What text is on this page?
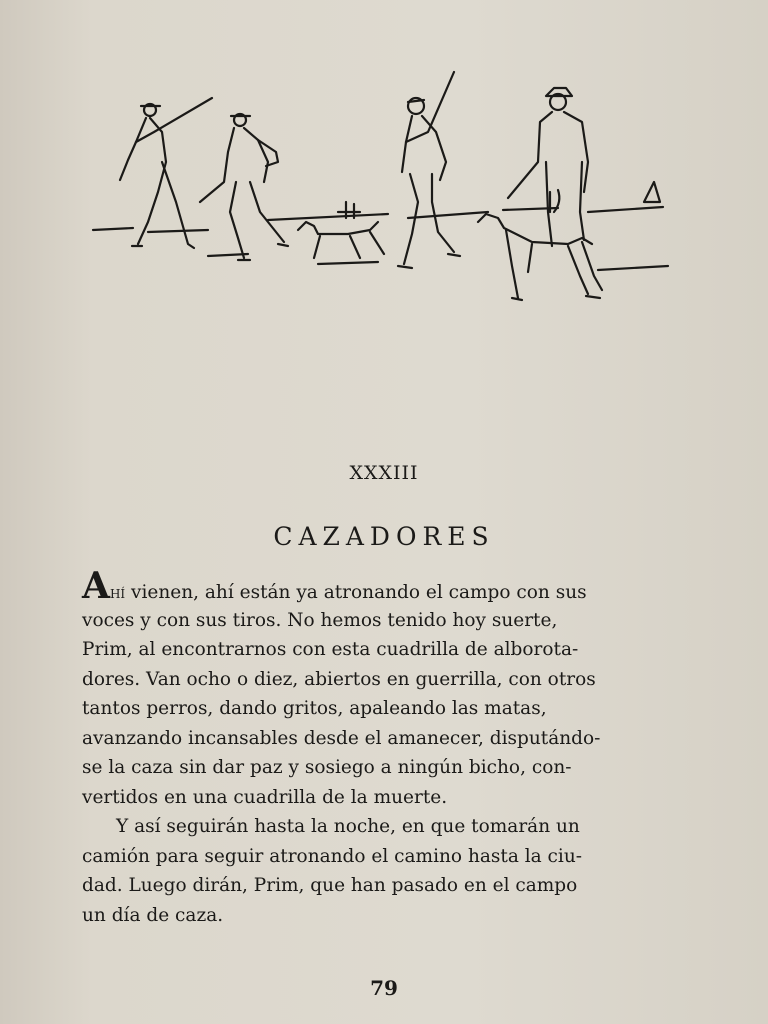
XXXIII
CAZADORES
Ahí vienen, ahí están ya atronando el campo con sus
voces y con sus tiros. No hemos tenido hoy suerte,
Prim, al encontrarnos con esta cuadrilla de alborota-
dores. Van ocho o diez, abiertos en guerrilla, con otros
tantos perros, dando gritos, apaleando las matas,
avanzando incansables desde el amanecer, disputándo-
se la caza sin dar paz y sosiego a ningún bicho, con-
vertidos en una cuadrilla de la muerte.
Y así seguirán hasta la noche, en que tomarán un
camión para seguir atronando el camino hasta la ciu-
dad. Luego dirán, Prim, que han pasado en el campo
un día de caza.
79
